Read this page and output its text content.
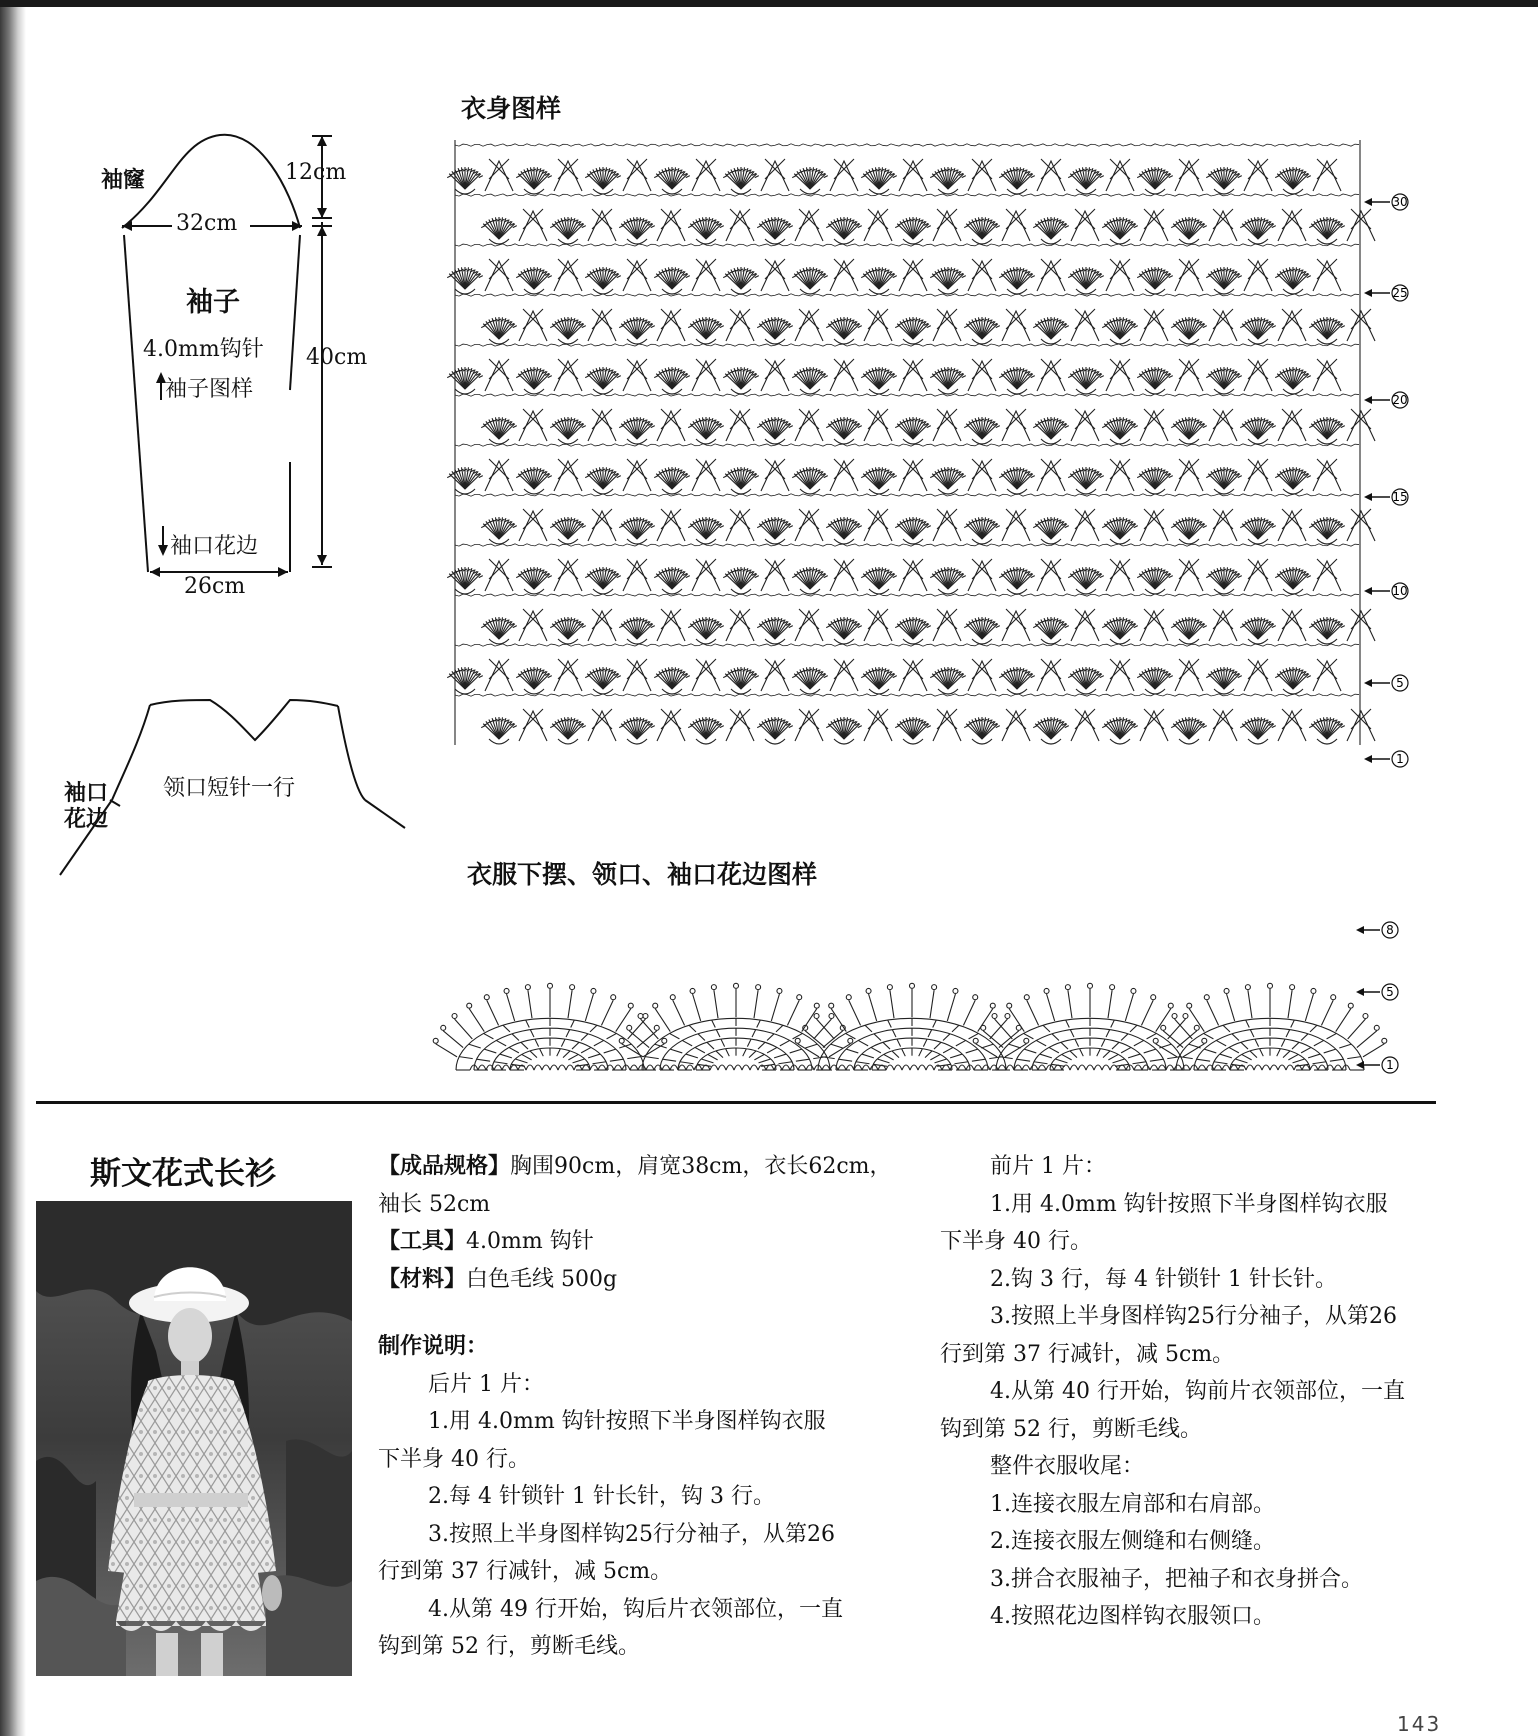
袖窿	12cm
32cm
袖子
4.0mm钩针
袖子图样
40cm
袖口花边
26cm
袖口
花边
领口短针一行
衣身图样
30
25
20
15
10
5
1
衣服下摆、领口、袖口花边图样
8
5
1
斯文花式长衫	【成品规格】胸围90cm，肩宽38cm，衣长62cm，
袖长 52cm
【工具】4.0mm 钩针
【材料】白色毛线 500g
制作说明：
后片 1 片：
1.用 4.0mm 钩针按照下半身图样钩衣服
下半身 40 行。
2.每 4 针锁针 1 针长针，钩 3 行。
3.按照上半身图样钩25行分袖子，从第26
行到第 37 行减针，减 5cm。
4.从第 49 行开始，钩后片衣领部位，一直
钩到第 52 行，剪断毛线。
前片 1 片：
1.用 4.0mm 钩针按照下半身图样钩衣服
下半身 40 行。
2.钩 3 行，每 4 针锁针 1 针长针。
3.按照上半身图样钩25行分袖子，从第26
行到第 37 行减针，减 5cm。
4.从第 40 行开始，钩前片衣领部位，一直
钩到第 52 行，剪断毛线。
整件衣服收尾：
1.连接衣服左肩部和右肩部。
2.连接衣服左侧缝和右侧缝。
3.拼合衣服袖子，把袖子和衣身拼合。
4.按照花边图样钩衣服领口。
143
